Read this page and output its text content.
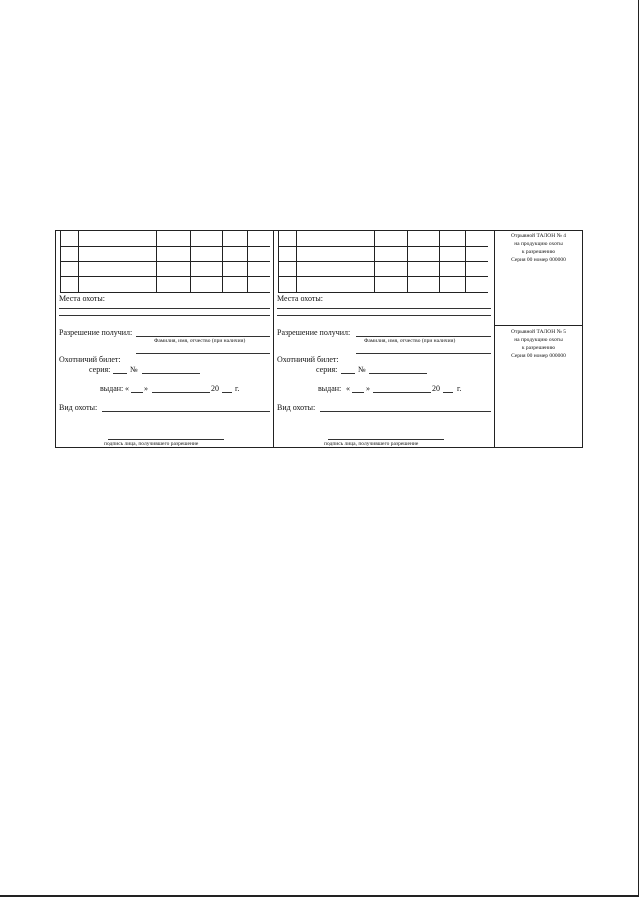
Места охоты:
Разрешение получил:
Фамилия, имя, отчество (при наличии)
Охотничий билет:
серия: №
выдан: « »	20 г.
Вид охоты:
подпись лица, получившего разрешение
Места охоты:
Разрешение получил:
Фамилия, имя, отчество (при наличии)
Охотничий билет:
серия:	№
выдан: « »	20 г.
Вид охоты:
подпись лица, получившего разрешение
Отрывной ТАЛОН № 4
на продукцию охоты
к разрешению
Серия 00 номер 000000
Отрывной ТАЛОН № 5
на продукцию охоты
к разрешению
Серия 00 номер 000000
